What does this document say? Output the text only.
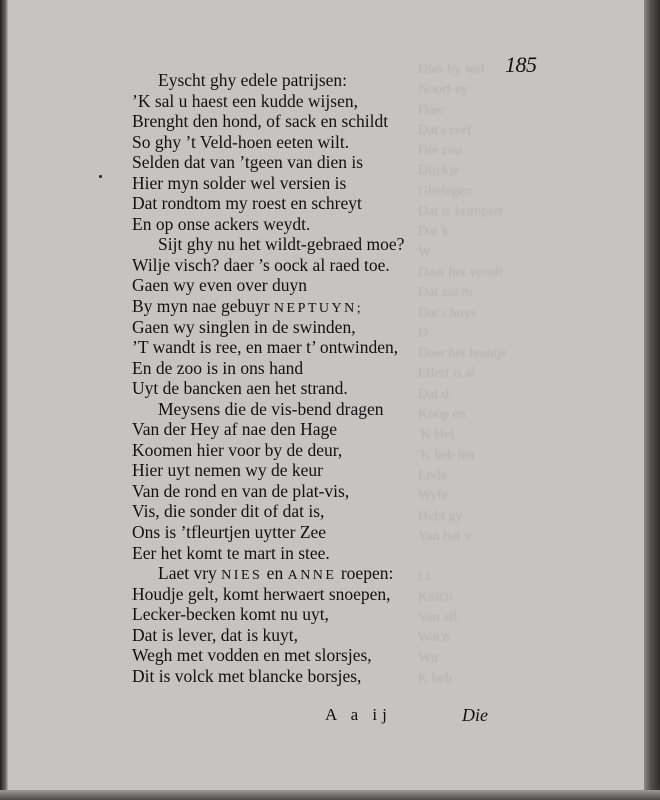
Dies hy wel
Noort-ey
Daer
Dat's cerf
Die zou
Dijckje
Ghelegen
Dat is krimpert
Dat k
W
Daer het vroolt
Dat zal m
Dat's huys
D
Daer het leuntje
Ellert is al
Dat d
Koop en
'K Hel
'K heb het
Ende
Wyfe
Hebt gy
Van het v
Li
Kuit'n
Van all
Wat'n
Wit
K heb
185
Eyscht ghy edele patrijsen:
’K sal u haest een kudde wijsen,
Brenght den hond, of sack en schildt
So ghy ’t Veld-hoen eeten wilt.
Selden dat van ’tgeen van dien is
Hier myn solder wel versien is
Dat rondtom my roest en schreyt
En op onse ackers weydt.
Sijt ghy nu het wildt-gebraed moe?
Wilje visch? daer ’s oock al raed toe.
Gaen wy even over duyn
By myn nae gebuyr NEPTUYN;
Gaen wy singlen in de swinden,
’T wandt is ree, en maer t’ ontwinden,
En de zoo is in ons hand
Uyt de bancken aen het strand.
Meysens die de vis-bend dragen
Van der Hey af nae den Hage
Koomen hier voor by de deur,
Hier uyt nemen wy de keur
Van de rond en van de plat-vis,
Vis, die sonder dit of dat is,
Ons is ’tfleurtjen uytter Zee
Eer het komt te mart in stee.
Laet vry NIES en ANNE roepen:
Houdje gelt, komt herwaert snoepen,
Lecker-becken komt nu uyt,
Dat is lever, dat is kuyt,
Wegh met vodden en met slorsjes,
Dit is volck met blancke borsjes,
A a ij	Die
